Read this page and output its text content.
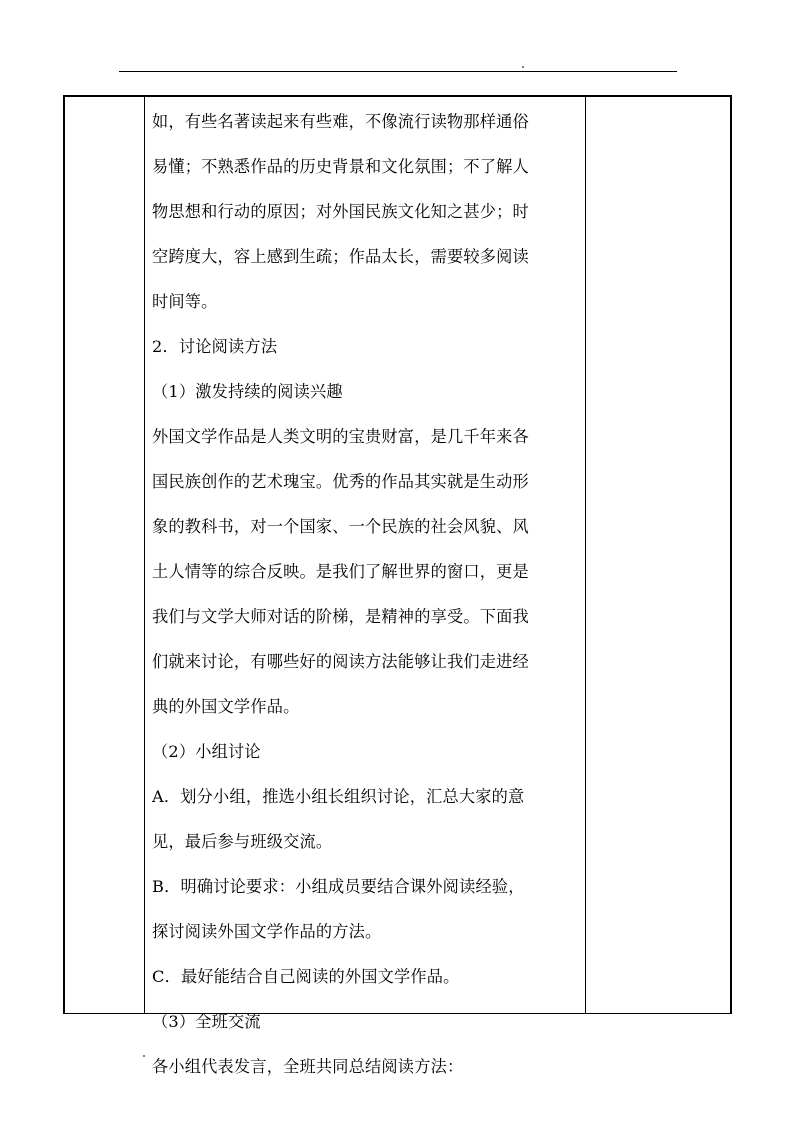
如，有些名著读起来有些难，不像流行读物那样通俗
易懂；不熟悉作品的历史背景和文化氛围；不了解人
物思想和行动的原因；对外国民族文化知之甚少；时
空跨度大，容上感到生疏；作品太长，需要较多阅读
时间等。
2．讨论阅读方法
（1）激发持续的阅读兴趣
外国文学作品是人类文明的宝贵财富，是几千年来各
国民族创作的艺术瑰宝。优秀的作品其实就是生动形
象的教科书，对一个国家、一个民族的社会风貌、风
土人情等的综合反映。是我们了解世界的窗口，更是
我们与文学大师对话的阶梯，是精神的享受。下面我
们就来讨论，有哪些好的阅读方法能够让我们走进经
典的外国文学作品。
（2）小组讨论
A．划分小组，推选小组长组织讨论，汇总大家的意
见，最后参与班级交流。
B．明确讨论要求：小组成员要结合课外阅读经验，
探讨阅读外国文学作品的方法。
C．最好能结合自己阅读的外国文学作品。
（3）全班交流
各小组代表发言，全班共同总结阅读方法：
